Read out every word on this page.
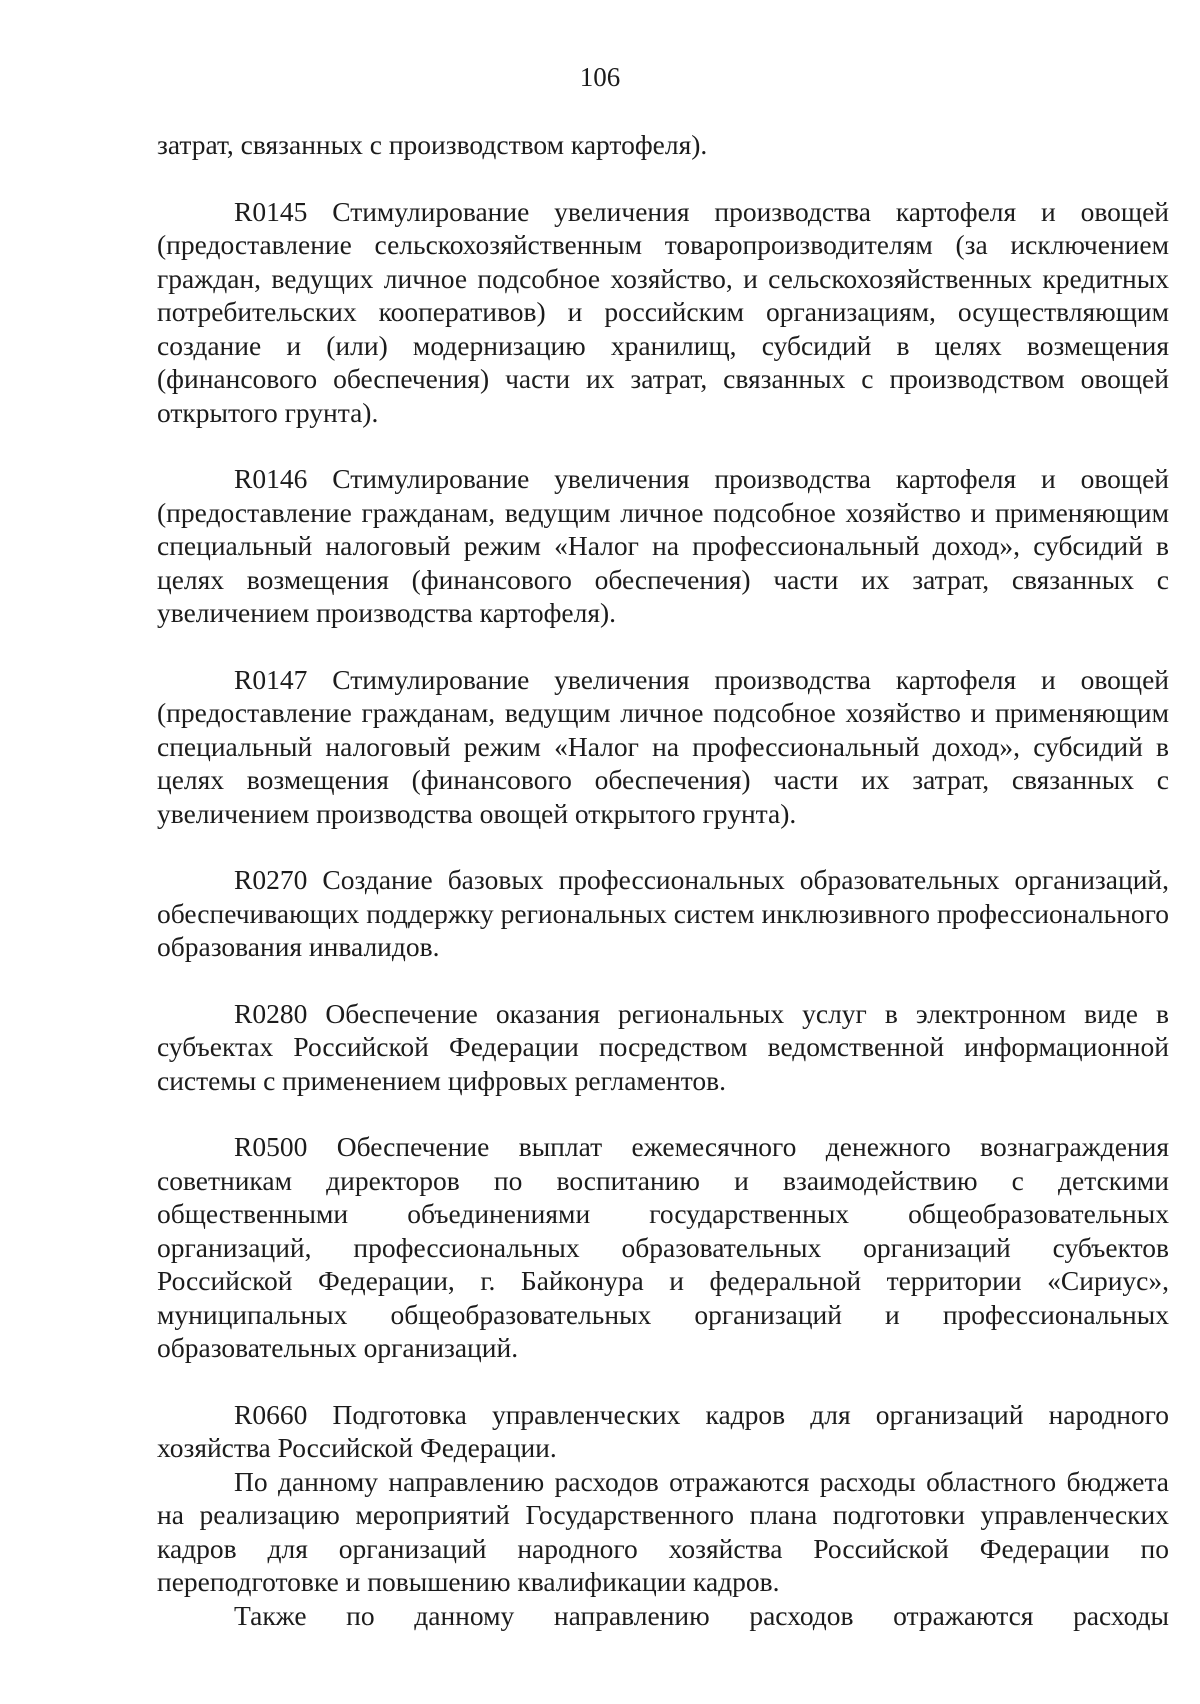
106

затрат, связанных с производством картофеля).

R0145 Стимулирование увеличения производства картофеля и овощей (предоставление сельскохозяйственным товаропроизводителям (за исключением граждан, ведущих личное подсобное хозяйство, и сельскохозяйственных кредитных потребительских кооперативов) и российским организациям, осуществляющим создание и (или) модернизацию хранилищ, субсидий в целях возмещения (финансового обеспечения) части их затрат, связанных с производством овощей открытого грунта).

R0146 Стимулирование увеличения производства картофеля и овощей (предоставление гражданам, ведущим личное подсобное хозяйство и применяющим специальный налоговый режим «Налог на профессиональный доход», субсидий в целях возмещения (финансового обеспечения) части их затрат, связанных с увеличением производства картофеля).

R0147 Стимулирование увеличения производства картофеля и овощей (предоставление гражданам, ведущим личное подсобное хозяйство и применяющим специальный налоговый режим «Налог на профессиональный доход», субсидий в целях возмещения (финансового обеспечения) части их затрат, связанных с увеличением производства овощей открытого грунта).

R0270 Создание базовых профессиональных образовательных организаций, обеспечивающих поддержку региональных систем инклюзивного профессионального образования инвалидов.

R0280 Обеспечение оказания региональных услуг в электронном виде в субъектах Российской Федерации посредством ведомственной информационной системы с применением цифровых регламентов.

R0500 Обеспечение выплат ежемесячного денежного вознаграждения советникам директоров по воспитанию и взаимодействию с детскими общественными объединениями государственных общеобразовательных организаций, профессиональных образовательных организаций субъектов Российской Федерации, г. Байконура и федеральной территории «Сириус», муниципальных общеобразовательных организаций и профессиональных образовательных организаций.

R0660 Подготовка управленческих кадров для организаций народного хозяйства Российской Федерации.

По данному направлению расходов отражаются расходы областного бюджета на реализацию мероприятий Государственного плана подготовки управленческих кадров для организаций народного хозяйства Российской Федерации по переподготовке и повышению квалификации кадров.

Также по данному направлению расходов отражаются расходы
